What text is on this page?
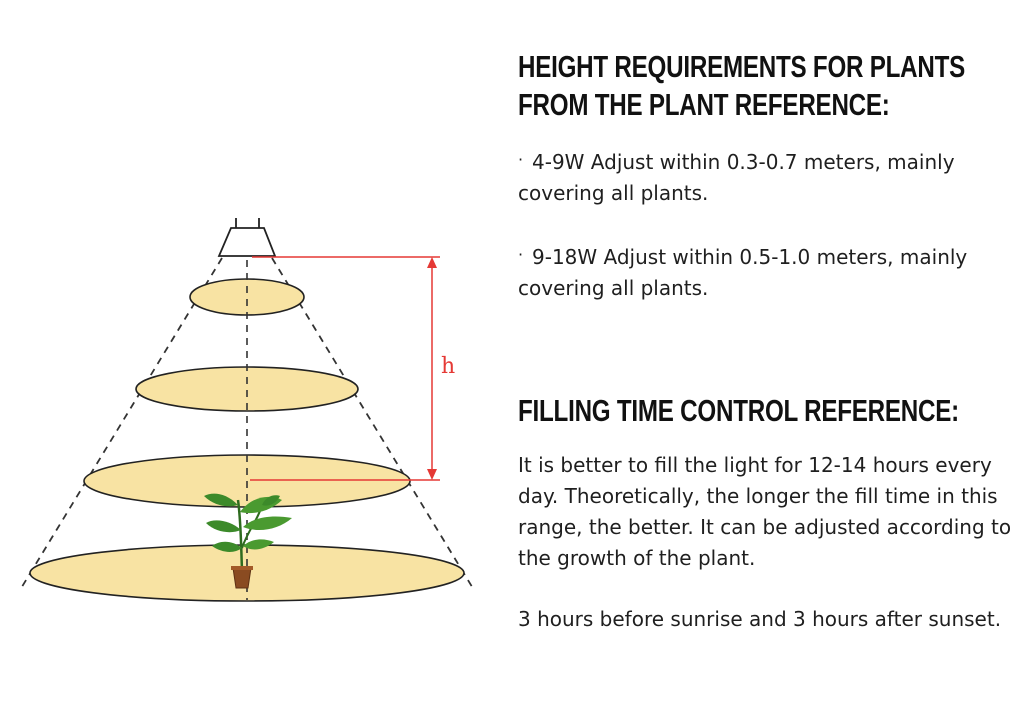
h
HEIGHT REQUIREMENTS FOR PLANTS FROM THE PLANT REFERENCE:

· 4-9W Adjust within 0.3-0.7 meters, mainly covering all plants.

· 9-18W Adjust within 0.5-1.0 meters, mainly covering all plants.

FILLING TIME CONTROL REFERENCE:

It is better to fill the light for 12-14 hours every day. Theoretically, the longer the fill time in this range, the better. It can be adjusted according to the growth of the plant.

3 hours before sunrise and 3 hours after sunset.
